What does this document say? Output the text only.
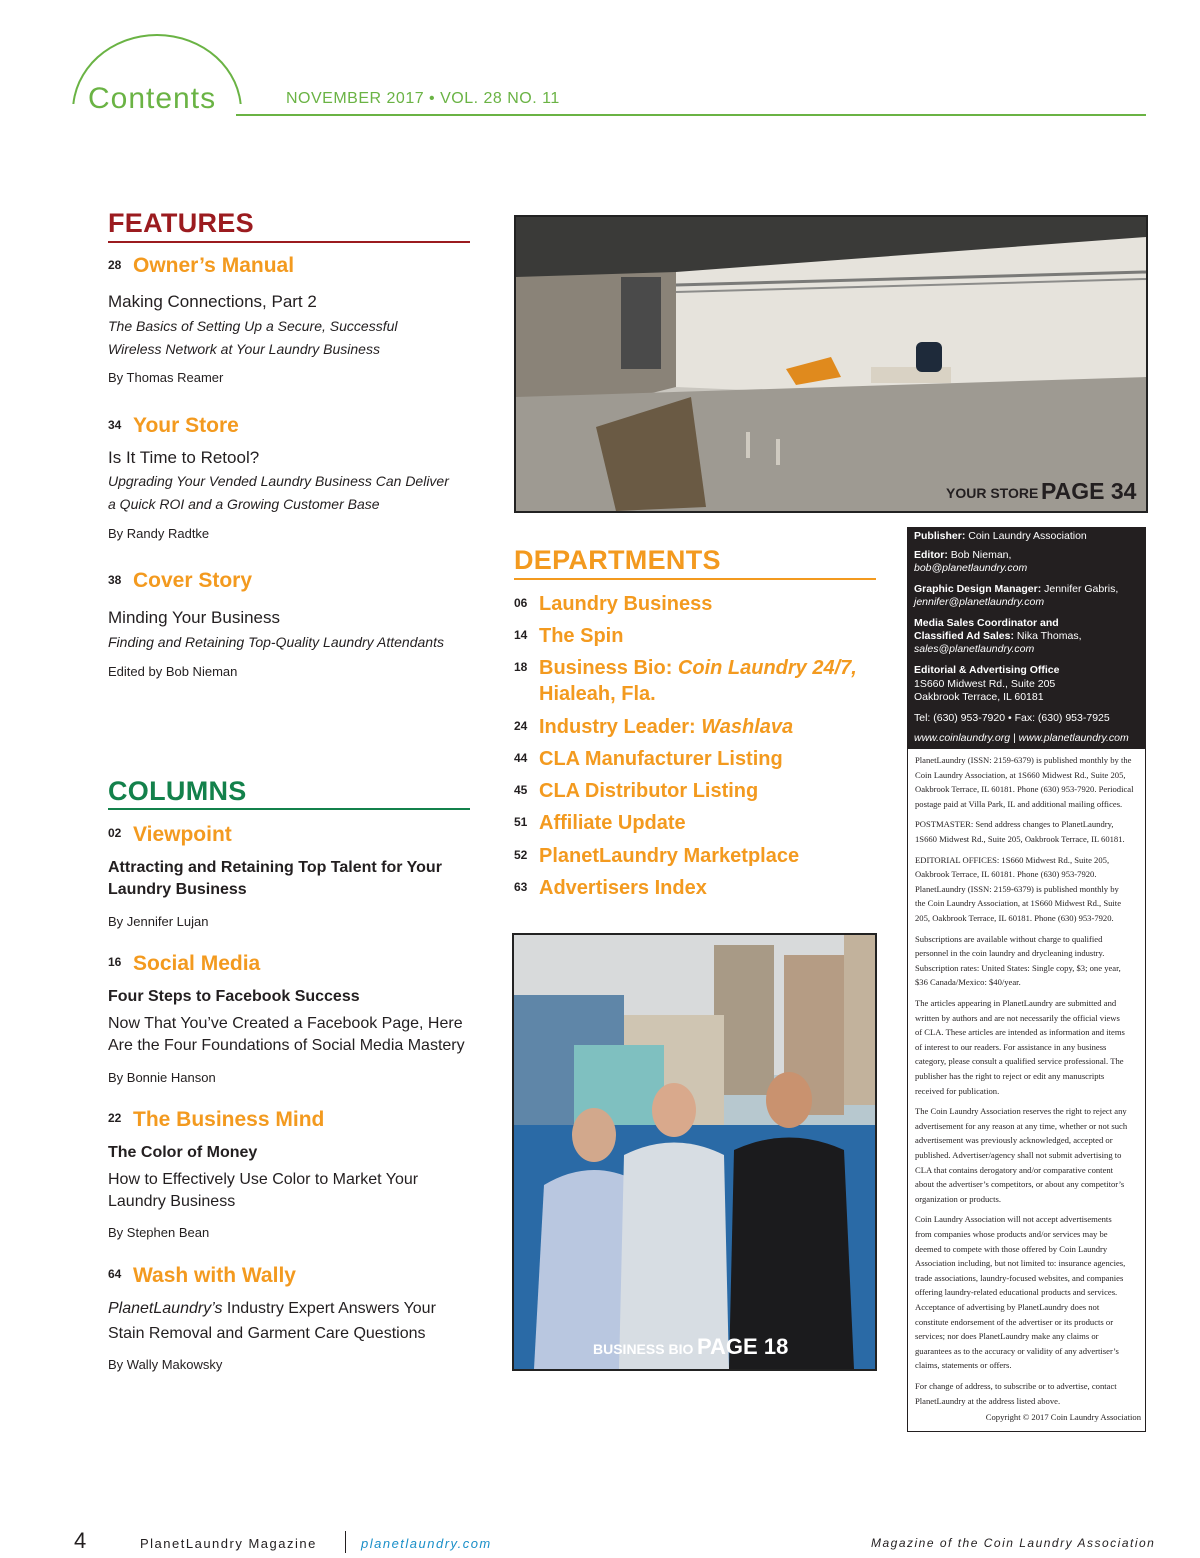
Contents	NOVEMBER 2017 • VOL. 28 NO. 11
FEATURES
28 Owner’s Manual
Making Connections, Part 2
The Basics of Setting Up a Secure, Successful
Wireless Network at Your Laundry Business
By Thomas Reamer
34 Your Store
Is It Time to Retool?
Upgrading Your Vended Laundry Business Can Deliver
a Quick ROI and a Growing Customer Base
By Randy Radtke
38 Cover Story
Minding Your Business
Finding and Retaining Top-Quality Laundry Attendants
Edited by Bob Nieman
COLUMNS
02 Viewpoint
Attracting and Retaining Top Talent for Your
Laundry Business
By Jennifer Lujan
16 Social Media
Four Steps to Facebook Success
Now That You’ve Created a Facebook Page, Here
Are the Four Foundations of Social Media Mastery
By Bonnie Hanson
22 The Business Mind
The Color of Money
How to Effectively Use Color to Market Your
Laundry Business
By Stephen Bean
64 Wash with Wally
PlanetLaundry’s Industry Expert Answers Your
Stain Removal and Garment Care Questions
By Wally Makowsky
YOUR STORE PAGE 34
DEPARTMENTS
06 Laundry Business
14 The Spin
18 Business Bio: Coin Laundry 24/7,
Hialeah, Fla.
24 Industry Leader: Washlava
44 CLA Manufacturer Listing
45 CLA Distributor Listing
51 Affiliate Update
52 PlanetLaundry Marketplace
63 Advertisers Index
BUSINESS BIO PAGE 18
Publisher: Coin Laundry Association
Editor: Bob Nieman,
bob@planetlaundry.com
Graphic Design Manager: Jennifer Gabris,
jennifer@planetlaundry.com
Media Sales Coordinator and
Classified Ad Sales: Nika Thomas,
sales@planetlaundry.com
Editorial & Advertising Office
1S660 Midwest Rd., Suite 205
Oakbrook Terrace, IL 60181
Tel: (630) 953-7920 • Fax: (630) 953-7925
www.coinlaundry.org | www.planetlaundry.com
PlanetLaundry (ISSN: 2159-6379) is published monthly by the
Coin Laundry Association, at 1S660 Midwest Rd., Suite 205,
Oakbrook Terrace, IL 60181. Phone (630) 953-7920. Periodical
postage paid at Villa Park, IL and additional mailing offices.
POSTMASTER: Send address changes to PlanetLaundry,
1S660 Midwest Rd., Suite 205, Oakbrook Terrace, IL 60181.
EDITORIAL OFFICES: 1S660 Midwest Rd., Suite 205,
Oakbrook Terrace, IL 60181. Phone (630) 953-7920.
PlanetLaundry (ISSN: 2159-6379) is published monthly by
the Coin Laundry Association, at 1S660 Midwest Rd., Suite
205, Oakbrook Terrace, IL 60181. Phone (630) 953-7920.
Subscriptions are available without charge to qualified
personnel in the coin laundry and drycleaning industry.
Subscription rates: United States: Single copy, $3; one year,
$36 Canada/Mexico: $40/year.
The articles appearing in PlanetLaundry are submitted and
written by authors and are not necessarily the official views
of CLA. These articles are intended as information and items
of interest to our readers. For assistance in any business
category, please consult a qualified service professional. The
publisher has the right to reject or edit any manuscripts
received for publication.
The Coin Laundry Association reserves the right to reject any
advertisement for any reason at any time, whether or not such
advertisement was previously acknowledged, accepted or
published. Advertiser/agency shall not submit advertising to
CLA that contains derogatory and/or comparative content
about the advertiser’s competitors, or about any competitor’s
organization or products.
Coin Laundry Association will not accept advertisements
from companies whose products and/or services may be
deemed to compete with those offered by Coin Laundry
Association including, but not limited to: insurance agencies,
trade associations, laundry-focused websites, and companies
offering laundry-related educational products and services.
Acceptance of advertising by PlanetLaundry does not
constitute endorsement of the advertiser or its products or
services; nor does PlanetLaundry make any claims or
guarantees as to the accuracy or validity of any advertiser’s
claims, statements or offers.
For change of address, to subscribe or to advertise, contact
PlanetLaundry at the address listed above.
Copyright © 2017 Coin Laundry Association
4	PlanetLaundry Magazine	planetlaundry.com	Magazine of the Coin Laundry Association
